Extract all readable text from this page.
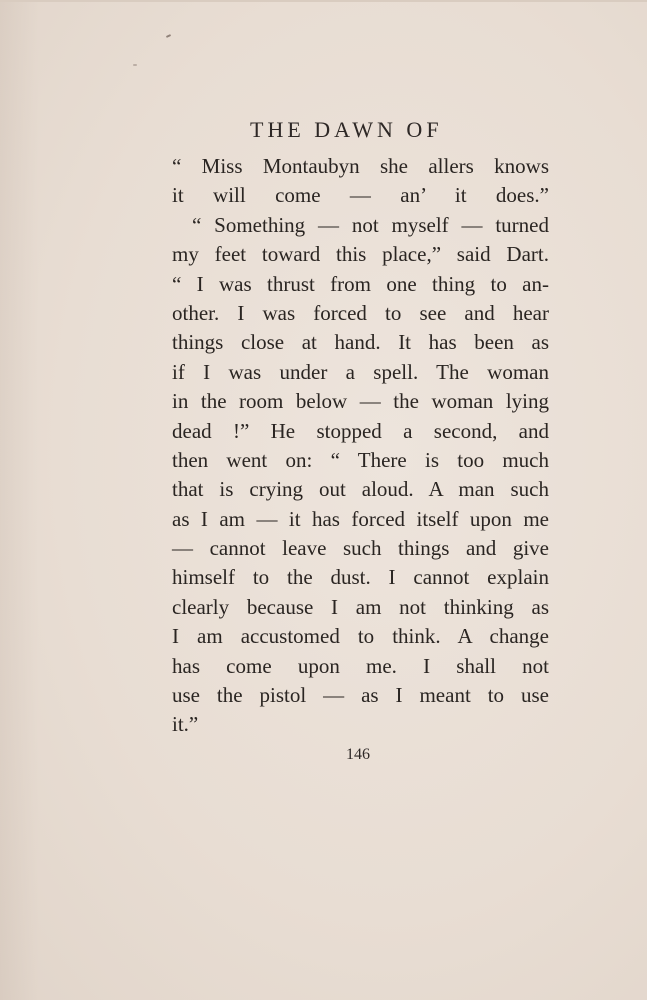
THE DAWN OF
“ Miss Montaubyn she allers knows
it will come — an’ it does.”
“ Something — not myself — turned
my feet toward this place,” said Dart.
“ I was thrust from one thing to an-
other. I was forced to see and hear
things close at hand. It has been as
if I was under a spell. The woman
in the room below — the woman lying
dead !” He stopped a second, and
then went on: “ There is too much
that is crying out aloud. A man such
as I am — it has forced itself upon me
— cannot leave such things and give
himself to the dust. I cannot explain
clearly because I am not thinking as
I am accustomed to think. A change
has come upon me. I shall not
use the pistol — as I meant to use
it.”
146
